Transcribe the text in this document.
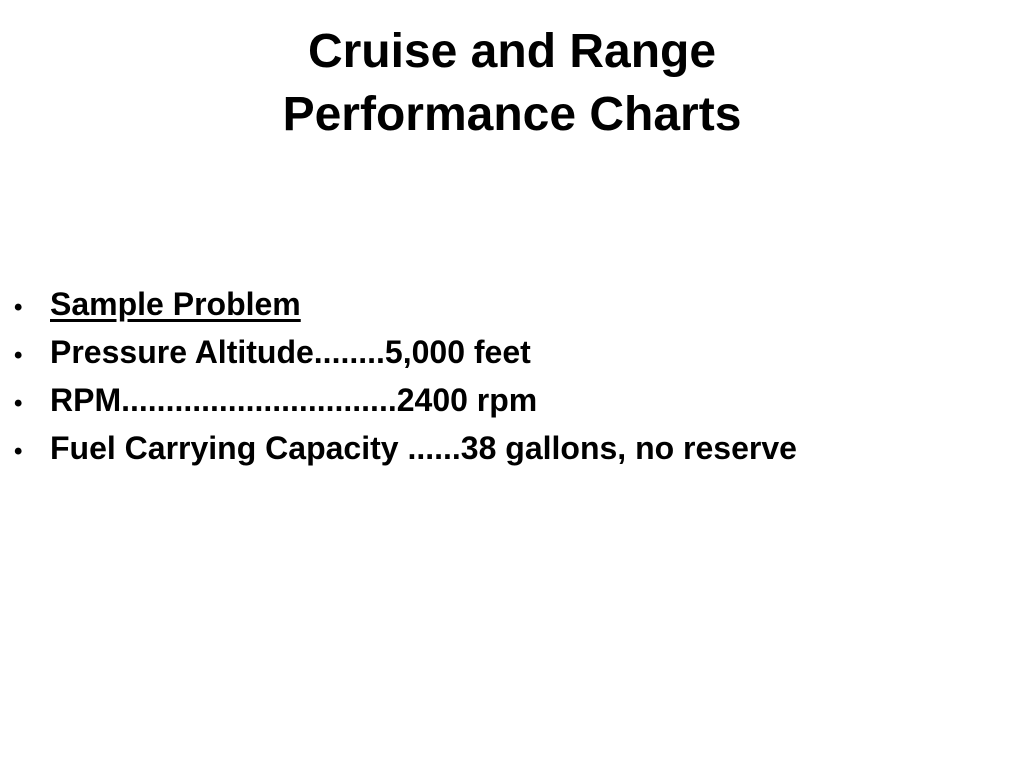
Cruise and Range
Performance Charts
• Sample Problem
• Pressure Altitude........5,000 feet
• RPM...............................2400 rpm
• Fuel Carrying Capacity ......38 gallons, no reserve
